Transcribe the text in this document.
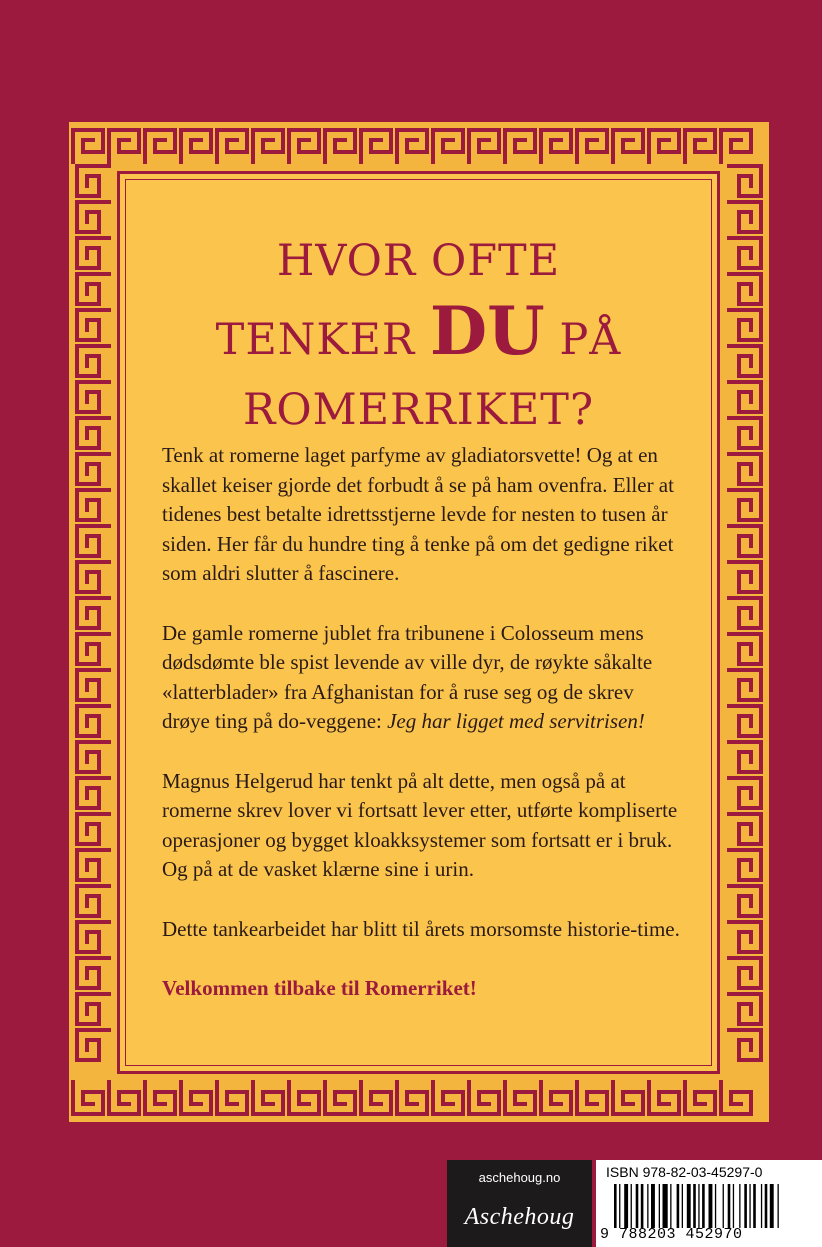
HVOR OFTE
TENKER DU PÅ
ROMERRIKET?

Tenk at romerne laget parfyme av gladiatorsvette! Og at en skallet keiser gjorde det forbudt å se på ham ovenfra. Eller at tidenes best betalte idrettsstjerne levde for nesten to tusen år siden. Her får du hundre ting å tenke på om det gedigne riket som aldri slutter å fascinere.

De gamle romerne jublet fra tribunene i Colosseum mens dødsdømte ble spist levende av ville dyr, de røykte såkalte «latterblader» fra Afghanistan for å ruse seg og de skrev drøye ting på do-veggene: Jeg har ligget med servitrisen!

Magnus Helgerud har tenkt på alt dette, men også på at romerne skrev lover vi fortsatt lever etter, utførte kompliserte operasjoner og bygget kloakksystemer som fortsatt er i bruk. Og på at de vasket klærne sine i urin.

Dette tankearbeidet har blitt til årets morsomste historie-time.

Velkommen tilbake til Romerriket!

aschehoug.no
Aschehoug
ISBN 978-82-03-45297-0
9 788203 452970
